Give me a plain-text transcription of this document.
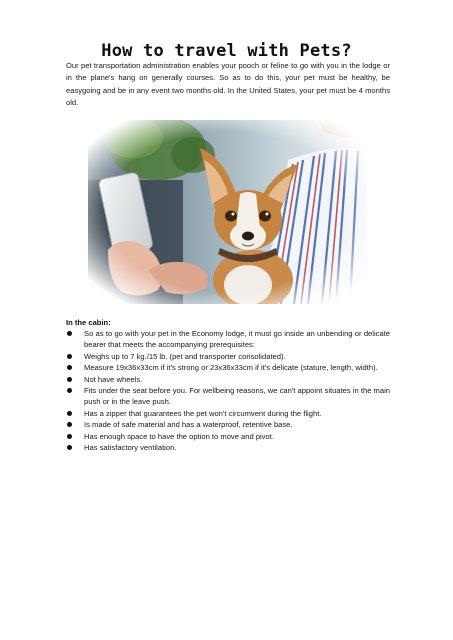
How to travel with Pets?

Our pet transportation administration enables your pooch or feline to go with you in the lodge or in the plane's hang on generally courses. So as to do this, your pet must be healthy, be easygoing and be in any event two months old. In the United States, your pet must be 4 months old.

In the cabin:

So as to go with your pet in the Economy lodge, it must go inside an unbending or delicate bearer that meets the accompanying prerequisites:
Weighs up to 7 kg./15 lb. (pet and transporter consolidated).
Measure 19x36x33cm if it's strong or 23x36x33cm if it's delicate (stature, length, width).
Not have wheels.
Fits under the seat before you. For wellbeing reasons, we can't appoint situates in the main push or in the leave push.
Has a zipper that guarantees the pet won't circumvent during the flight.
Is made of safe material and has a waterproof, retentive base.
Has enough space to have the option to move and pivot.
Has satisfactory ventilation.
